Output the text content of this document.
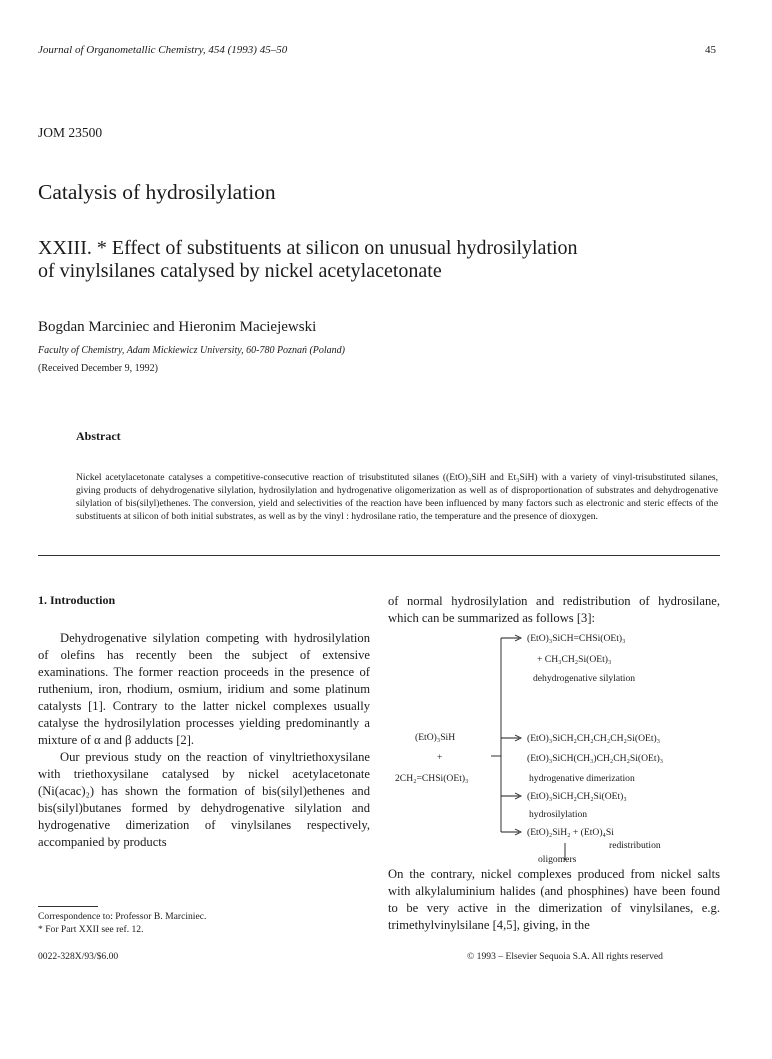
Journal of Organometallic Chemistry, 454 (1993) 45–50	45
JOM 23500
Catalysis of hydrosilylation
XXIII. * Effect of substituents at silicon on unusual hydrosilylation
of vinylsilanes catalysed by nickel acetylacetonate
Bogdan Marciniec and Hieronim Maciejewski
Faculty of Chemistry, Adam Mickiewicz University, 60-780 Poznań (Poland)
(Received December 9, 1992)
Abstract
Nickel acetylacetonate catalyses a competitive-consecutive reaction of trisubstituted silanes ((EtO)₃SiH and Et₃SiH) with a variety of vinyl-trisubstituted silanes, giving products of dehydrogenative silylation, hydrosilylation and hydrogenative oligomerization as well as of disproportionation of substrates and dehydrogenative silylation of bis(silyl)ethenes. The conversion, yield and selectivities of the reaction have been influenced by many factors such as electronic and steric effects of the substituents at silicon of both initial substrates, as well as by the vinyl : hydrosilane ratio, the temperature and the presence of dioxygen.
1. Introduction

Dehydrogenative silylation competing with hydrosilylation of olefins has recently been the subject of extensive examinations. The former reaction proceeds in the presence of ruthenium, iron, rhodium, osmium, iridium and some platinum catalysts [1]. Contrary to the latter nickel complexes usually catalyse the hydrosilylation processes yielding predominantly a mixture of α and β adducts [2].

Our previous study on the reaction of vinyltriethoxysilane with triethoxysilane catalysed by nickel acetylacetonate (Ni(acac)₂) has shown the formation of bis(silyl)ethenes and bis(silyl)butanes formed by dehydrogenative silylation and hydrogenative dimerization of vinylsilanes respectively, accompanied by products

of normal hydrosilylation and redistribution of hydrosilane, which can be summarized as follows [3]:

(EtO)₃SiH
+
2CH₂=CHSi(OEt)₃
(EtO)₃SiCH=CHSi(OEt)₃
+ CH₃CH₂Si(OEt)₃
dehydrogenative silylation
(EtO)₃SiCH₂CH₂CH₂CH₂Si(OEt)₃
(EtO)₃SiCH(CH₃)CH₂CH₂Si(OEt)₃
hydrogenative dimerization
(EtO)₃SiCH₂CH₂Si(OEt)₃
hydrosilylation
(EtO)₂SiH₂ + (EtO)₄Si
redistribution
oligomers

On the contrary, nickel complexes produced from nickel salts with alkylaluminium halides (and phosphines) have been found to be very active in the dimerization of vinylsilanes, e.g. trimethylvinylsilane [4,5], giving, in the

Correspondence to: Professor B. Marciniec.
* For Part XXII see ref. 12.
0022-328X/93/$6.00	© 1993 – Elsevier Sequoia S.A. All rights reserved
